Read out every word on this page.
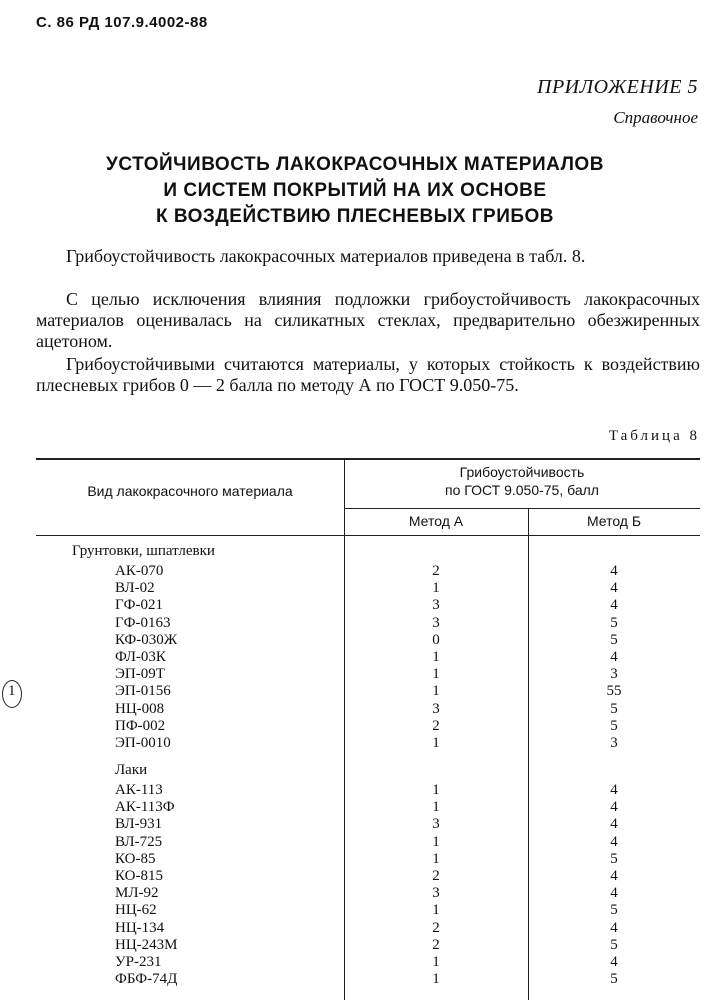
С. 86 РД 107.9.4002-88
ПРИЛОЖЕНИЕ 5
Справочное
УСТОЙЧИВОСТЬ ЛАКОКРАСОЧНЫХ МАТЕРИАЛОВ
И СИСТЕМ ПОКРЫТИЙ НА ИХ ОСНОВЕ
К ВОЗДЕЙСТВИЮ ПЛЕСНЕВЫХ ГРИБОВ
Грибоустойчивость лакокрасочных материалов приведена в табл. 8.
С целью исключения влияния подложки грибоустойчивость лакокрасочных материалов оценивалась на силикатных стеклах, предварительно обезжиренных ацетоном.
Грибоустойчивыми считаются материалы, у которых стойкость к воздействию плесневых грибов 0 — 2 балла по методу А по ГОСТ 9.050-75.
Таблица 8
Вид лакокрасочного материала
Грибоустойчивость
по ГОСТ 9.050-75, балл
Метод А	Метод Б
Грунтовки, шпатлевки
АК-070	2	4
ВЛ-02	1	4
ГФ-021	3	4
ГФ-0163	3	5
КФ-030Ж	0	5
ФЛ-03К	1	4
ЭП-09Т	1	3
ЭП-0156	1	55
НЦ-008	3	5
ПФ-002	2	5
ЭП-0010	1	3
Лаки
АК-113	1	4
АК-113Ф	1	4
ВЛ-931	3	4
ВЛ-725	1	4
КО-85	1	5
КО-815	2	4
МЛ-92	3	4
НЦ-62	1	5
НЦ-134	2	4
НЦ-243М	2	5
УР-231	1	4
ФБФ-74Д	1	5
1
